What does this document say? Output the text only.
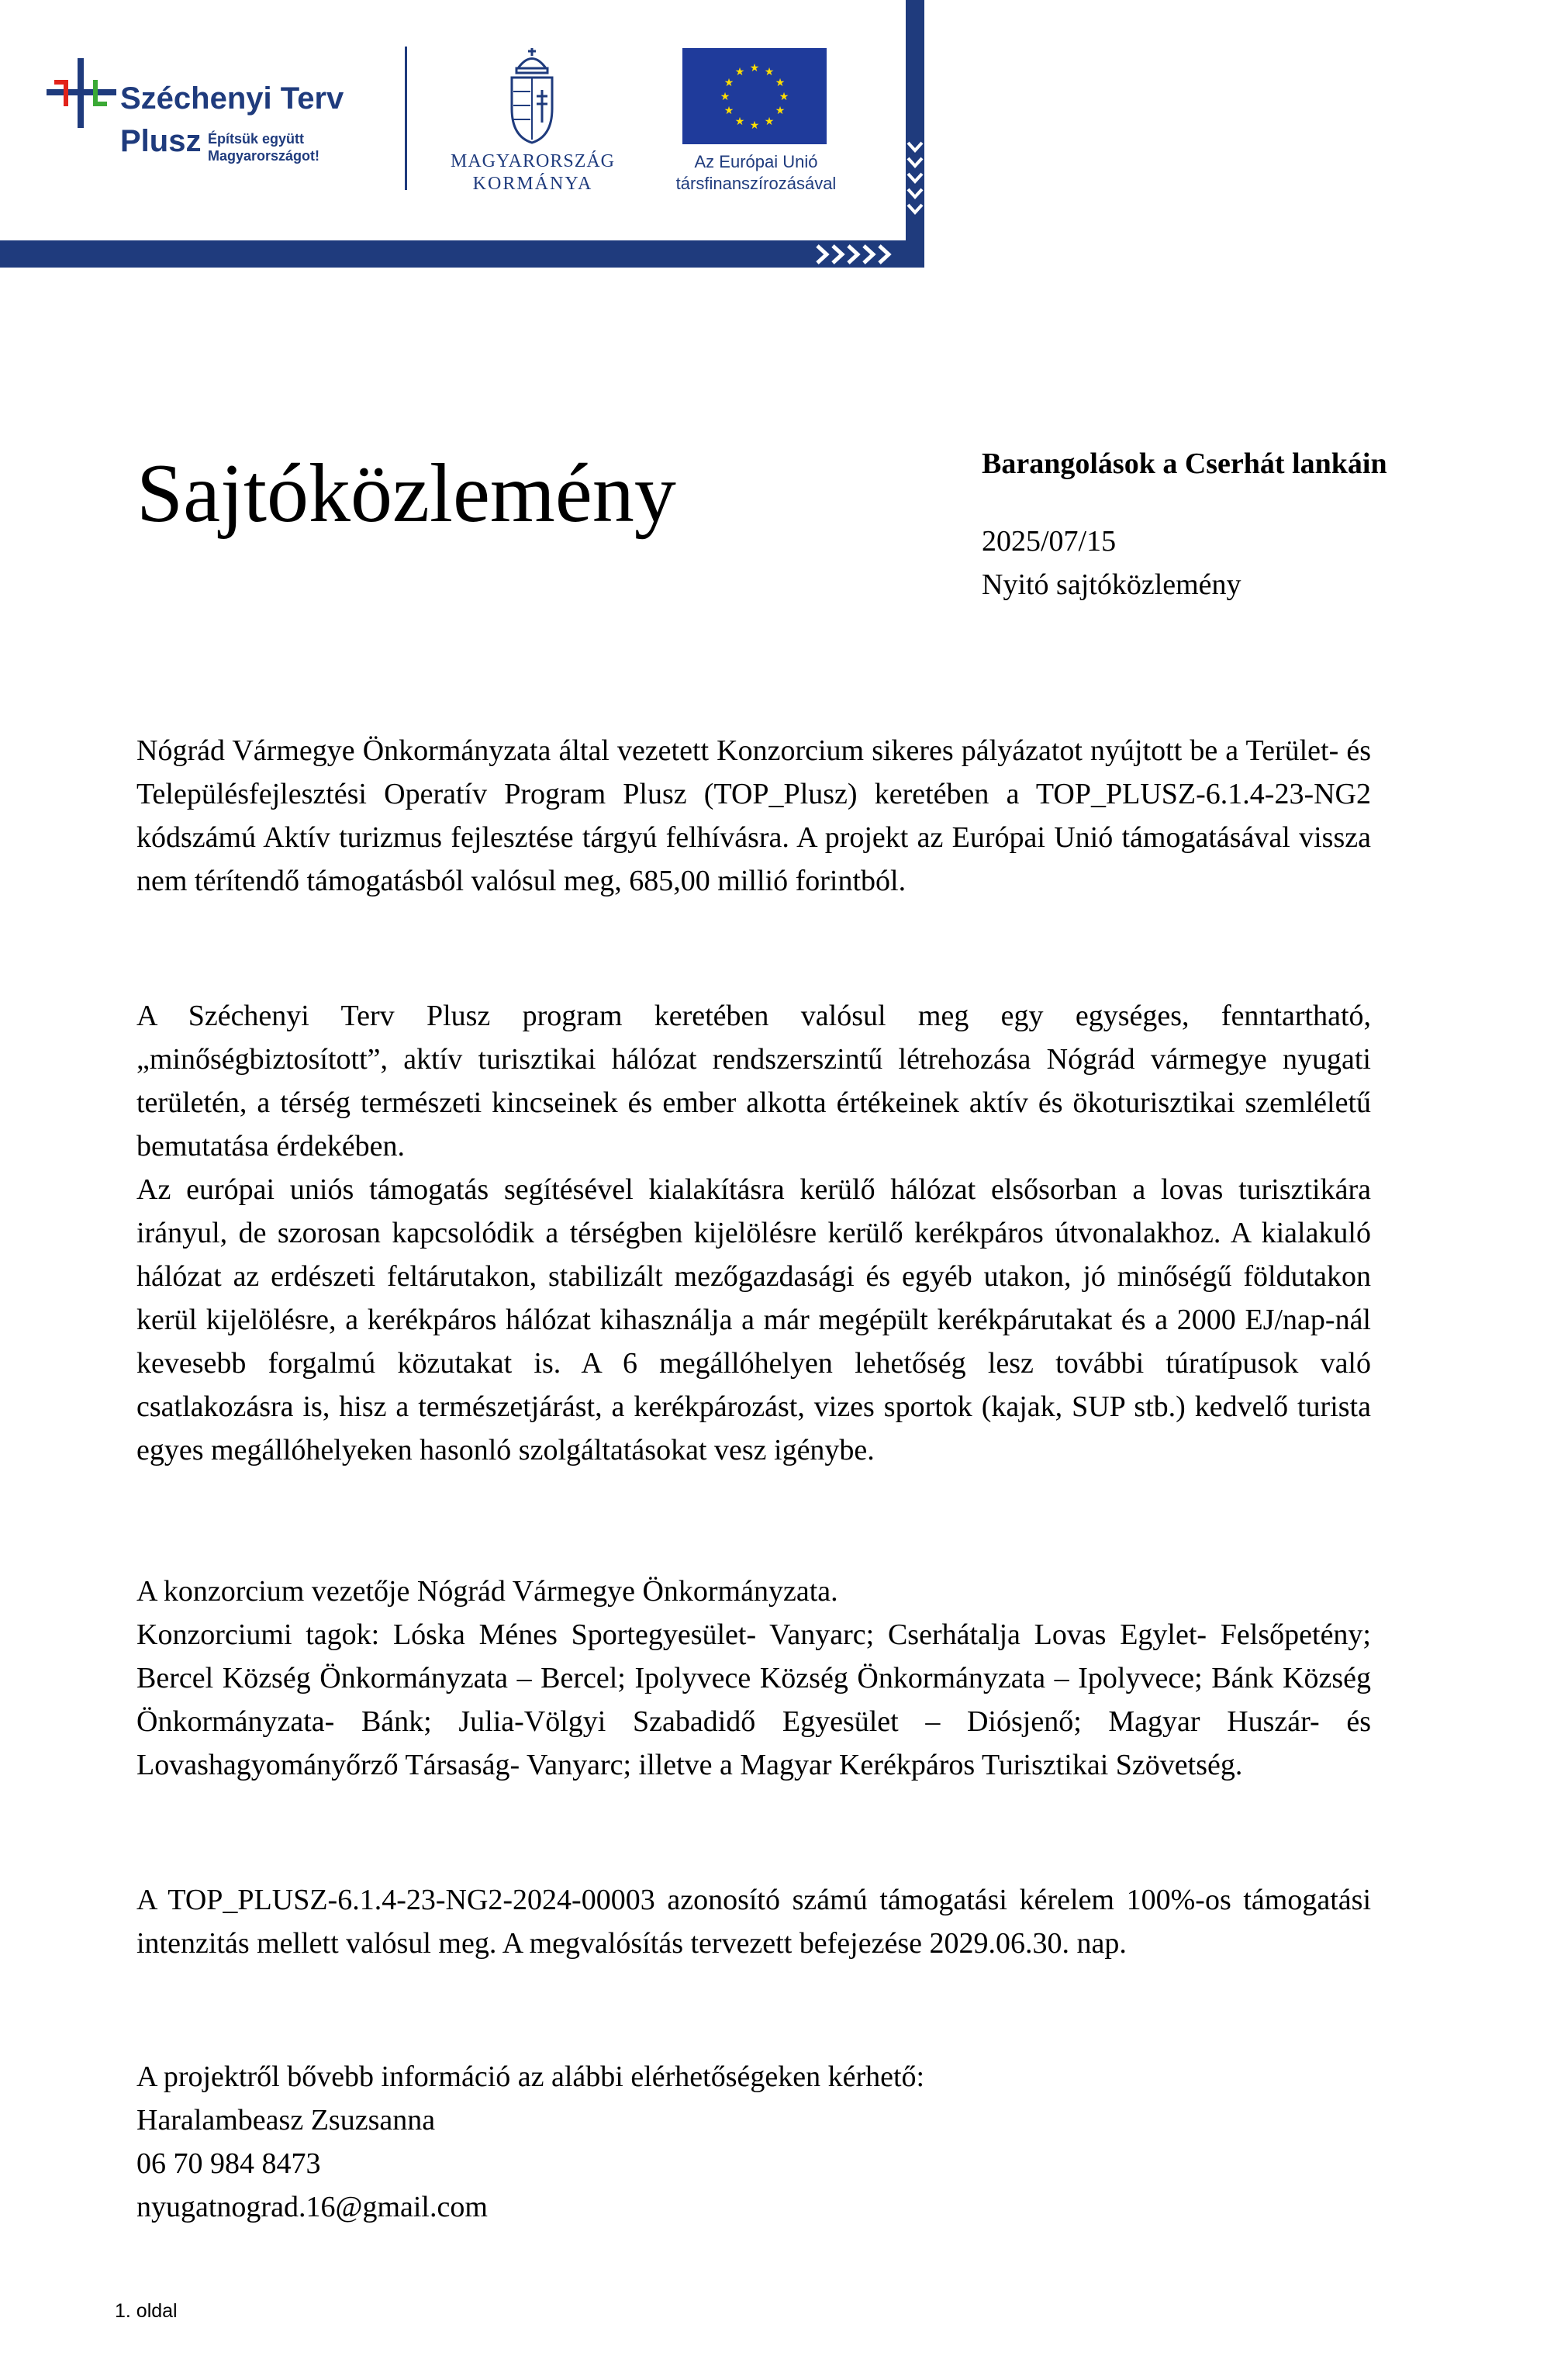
Széchenyi Terv
Plusz Építsük együtt
Magyarországot!	MAGYARORSZÁG
KORMÁNYA
★ ★
★
★
★
★
★
★
★
★
★
★
Az Európai Unió
társfinanszírozásával
Sajtóközlemény	Barangolások a Cserhát lankáin
2025/07/15
Nyitó sajtóközlemény

Nógrád Vármegye Önkormányzata által vezetett Konzorcium sikeres pályázatot nyújtott be a Terület- és Településfejlesztési Operatív Program Plusz (TOP_Plusz) keretében a TOP_PLUSZ-6.1.4-23-NG2 kódszámú Aktív turizmus fejlesztése tárgyú felhívásra. A projekt az Európai Unió támogatásával vissza nem térítendő támogatásból valósul meg, 685,00 millió forintból.

A Széchenyi Terv Plusz program keretében valósul meg egy egységes, fenntartható, „minőségbiztosított”, aktív turisztikai hálózat rendszerszintű létrehozása Nógrád vármegye nyugati területén, a térség természeti kincseinek és ember alkotta értékeinek aktív és ökoturisztikai szemléletű bemutatása érdekében.

Az európai uniós támogatás segítésével kialakításra kerülő hálózat elsősorban a lovas turisztikára irányul, de szorosan kapcsolódik a térségben kijelölésre kerülő kerékpáros útvonalakhoz. A kialakuló hálózat az erdészeti feltárutakon, stabilizált mezőgazdasági és egyéb utakon, jó minőségű földutakon kerül kijelölésre, a kerékpáros hálózat kihasználja a már megépült kerékpárutakat és a 2000 EJ/nap-nál kevesebb forgalmú közutakat is. A 6 megállóhelyen lehetőség lesz további túratípusok való csatlakozásra is, hisz a természetjárást, a kerékpározást, vizes sportok (kajak, SUP stb.) kedvelő turista egyes megállóhelyeken hasonló szolgáltatásokat vesz igénybe.

A konzorcium vezetője Nógrád Vármegye Önkormányzata.

Konzorciumi tagok: Lóska Ménes Sportegyesület- Vanyarc; Cserhátalja Lovas Egylet- Felsőpetény; Bercel Község Önkormányzata – Bercel; Ipolyvece Község Önkormányzata – Ipolyvece; Bánk Község Önkormányzata- Bánk; Julia-Völgyi Szabadidő Egyesület – Diósjenő; Magyar Huszár- és Lovashagyományőrző Társaság- Vanyarc; illetve a Magyar Kerékpáros Turisztikai Szövetség.

A TOP_PLUSZ-6.1.4-23-NG2-2024-00003 azonosító számú támogatási kérelem 100%-os támogatási intenzitás mellett valósul meg. A megvalósítás tervezett befejezése 2029.06.30. nap.

A projektről bővebb információ az alábbi elérhetőségeken kérhető:

Haralambeasz Zsuzsanna

06 70 984 8473

nyugatnograd.16@gmail.com

1. oldal
